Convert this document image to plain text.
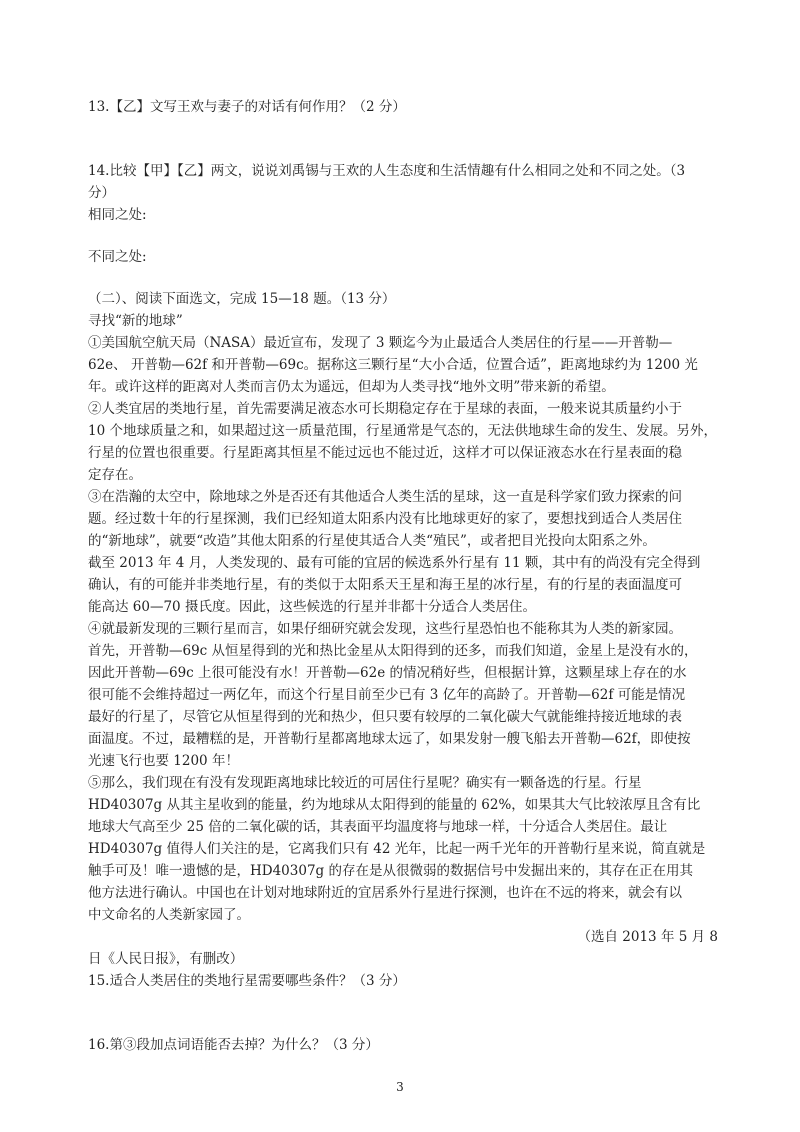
13.【乙】文写王欢与妻子的对话有何作用？（2 分）
14.比较【甲】【乙】两文，说说刘禹锡与王欢的人生态度和生活情趣有什么相同之处和不同之处。（3
分）
相同之处:
不同之处:
（二）、阅读下面选文，完成 15—18 题。（13 分）
寻找“新的地球”
①美国航空航天局（NASA）最近宣布，发现了 3 颗迄今为止最适合人类居住的行星——开普勒—
62e、 开普勒—62f 和开普勒—69c。据称这三颗行星“大小合适，位置合适”，距离地球约为 1200 光
年。或许这样的距离对人类而言仍太为遥远，但却为人类寻找“地外文明”带来新的希望。
②人类宜居的类地行星，首先需要满足液态水可长期稳定存在于星球的表面，一般来说其质量约小于
10 个地球质量之和，如果超过这一质量范围，行星通常是气态的，无法供地球生命的发生、发展。另外，
行星的位置也很重要。行星距离其恒星不能过远也不能过近，这样才可以保证液态水在行星表面的稳
定存在。
③在浩瀚的太空中，除地球之外是否还有其他适合人类生活的星球，这一直是科学家们致力探索的问
题。经过数十年的行星探测，我们已经知道太阳系内没有比地球更好的家了，要想找到适合人类居住
的“新地球”，就要“改造”其他太阳系的行星使其适合人类“殖民”，或者把目光投向太阳系之外。
截至 2013 年 4 月，人类发现的、最有可能的宜居的候选系外行星有 11 颗，其中有的尚没有完全得到
确认，有的可能并非类地行星，有的类似于太阳系天王星和海王星的冰行星，有的行星的表面温度可
能高达 60—70 摄氏度。因此，这些候选的行星并非都十分适合人类居住。
④就最新发现的三颗行星而言，如果仔细研究就会发现，这些行星恐怕也不能称其为人类的新家园。
首先，开普勒—69c 从恒星得到的光和热比金星从太阳得到的还多，而我们知道，金星上是没有水的，
因此开普勒—69c 上很可能没有水！开普勒—62e 的情况稍好些，但根据计算，这颗星球上存在的水
很可能不会维持超过一两亿年，而这个行星目前至少已有 3 亿年的高龄了。开普勒—62f 可能是情况
最好的行星了，尽管它从恒星得到的光和热少，但只要有较厚的二氧化碳大气就能维持接近地球的表
面温度。不过，最糟糕的是，开普勒行星都离地球太远了，如果发射一艘飞船去开普勒—62f，即使按
光速飞行也要 1200 年！
⑤那么，我们现在有没有发现距离地球比较近的可居住行星呢？确实有一颗备选的行星。行星
HD40307g 从其主星收到的能量，约为地球从太阳得到的能量的 62%，如果其大气比较浓厚且含有比
地球大气高至少 25 倍的二氧化碳的话，其表面平均温度将与地球一样，十分适合人类居住。最让
HD40307g 值得人们关注的是，它离我们只有 42 光年，比起一两千光年的开普勒行星来说，简直就是
触手可及！唯一遗憾的是，HD40307g 的存在是从很微弱的数据信号中发掘出来的，其存在正在用其
他方法进行确认。中国也在计划对地球附近的宜居系外行星进行探测，也许在不远的将来，就会有以
中文命名的人类新家园了。
（选自 2013 年 5 月 8
日《人民日报》，有删改）
15.适合人类居住的类地行星需要哪些条件？（3 分）
16.第③段加点词语能否去掉？为什么？（3 分）
3
